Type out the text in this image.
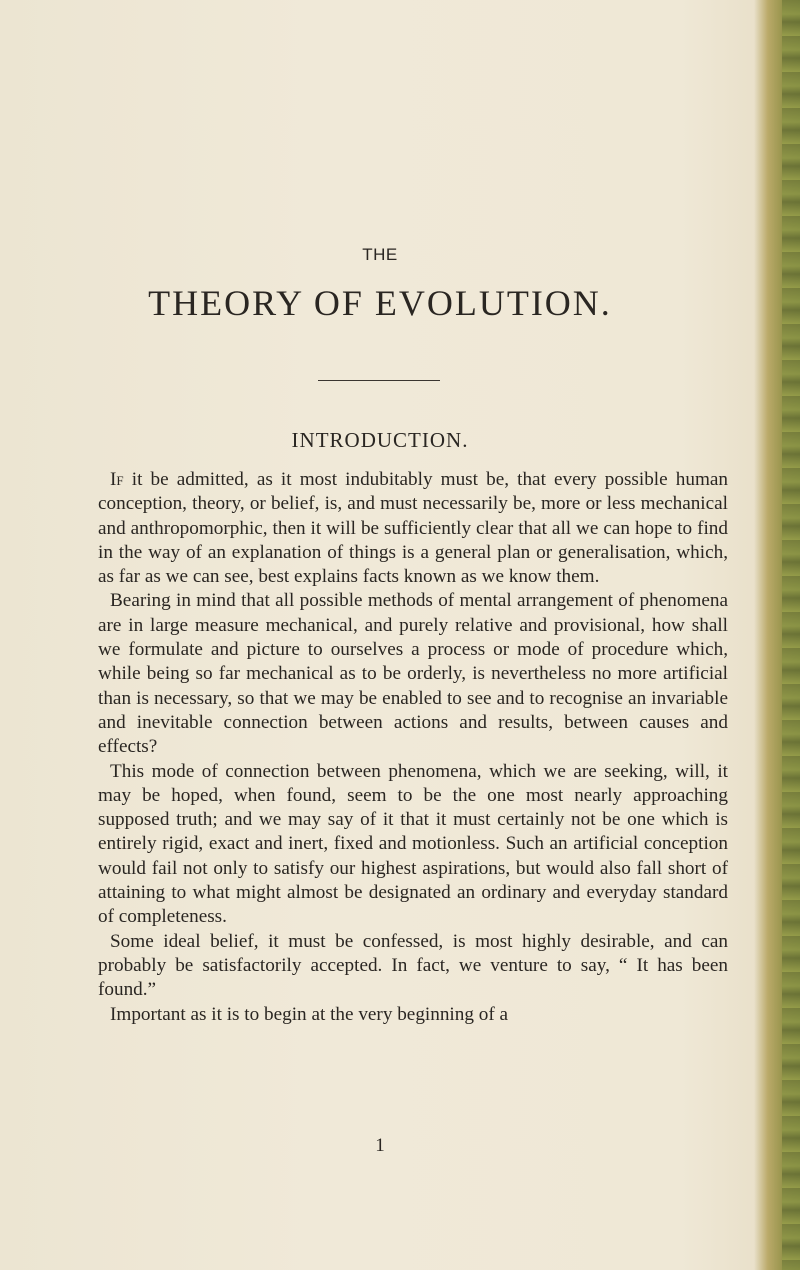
THE
THEORY OF EVOLUTION.
INTRODUCTION.

If it be admitted, as it most indubitably must be, that every possible human conception, theory, or belief, is, and must necessarily be, more or less mechanical and anthropomorphic, then it will be sufficiently clear that all we can hope to find in the way of an explanation of things is a general plan or generalisation, which, as far as we can see, best explains facts known as we know them.

Bearing in mind that all possible methods of mental arrangement of phenomena are in large measure mechanical, and purely relative and provisional, how shall we formulate and picture to ourselves a process or mode of procedure which, while being so far mechanical as to be orderly, is nevertheless no more artificial than is necessary, so that we may be enabled to see and to recognise an invariable and inevitable connection between actions and results, between causes and effects?

This mode of connection between phenomena, which we are seeking, will, it may be hoped, when found, seem to be the one most nearly approaching supposed truth; and we may say of it that it must certainly not be one which is entirely rigid, exact and inert, fixed and motionless. Such an artificial conception would fail not only to satisfy our highest aspirations, but would also fall short of attaining to what might almost be designated an ordinary and everyday standard of completeness.

Some ideal belief, it must be confessed, is most highly desirable, and can probably be satisfactorily accepted. In fact, we venture to say, “ It has been found.”

Important as it is to begin at the very beginning of a

1
